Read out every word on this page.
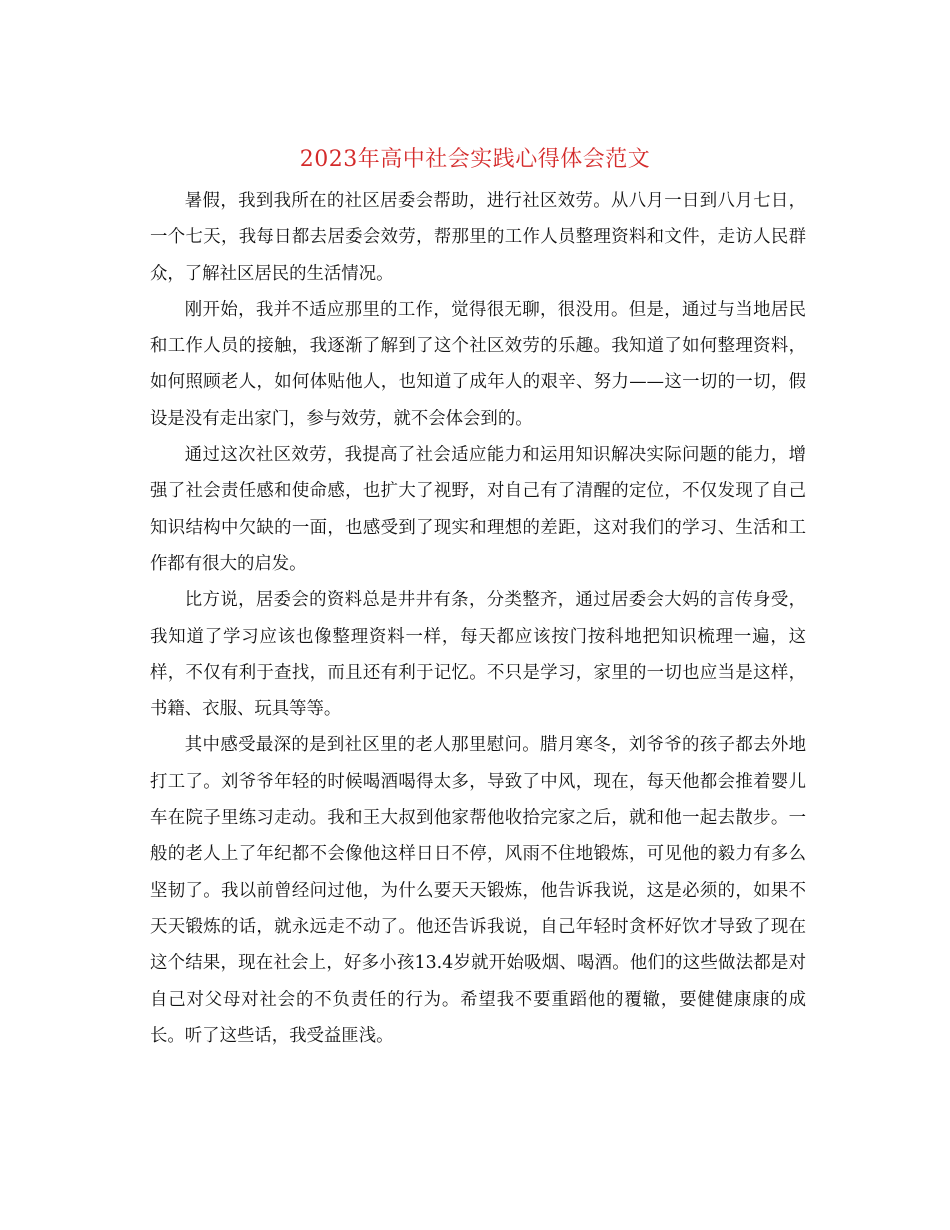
2023年高中社会实践心得体会范文

暑假，我到我所在的社区居委会帮助，进行社区效劳。从八月一日到八月七日，一个七天，我每日都去居委会效劳，帮那里的工作人员整理资料和文件，走访人民群众，了解社区居民的生活情况。

刚开始，我并不适应那里的工作，觉得很无聊，很没用。但是，通过与当地居民和工作人员的接触，我逐渐了解到了这个社区效劳的乐趣。我知道了如何整理资料，如何照顾老人，如何体贴他人，也知道了成年人的艰辛、努力——这一切的一切，假设是没有走出家门，参与效劳，就不会体会到的。

通过这次社区效劳，我提高了社会适应能力和运用知识解决实际问题的能力，增强了社会责任感和使命感，也扩大了视野，对自己有了清醒的定位，不仅发现了自己知识结构中欠缺的一面，也感受到了现实和理想的差距，这对我们的学习、生活和工作都有很大的启发。

比方说，居委会的资料总是井井有条，分类整齐，通过居委会大妈的言传身受，我知道了学习应该也像整理资料一样，每天都应该按门按科地把知识梳理一遍，这样，不仅有利于查找，而且还有利于记忆。不只是学习，家里的一切也应当是这样，书籍、衣服、玩具等等。

其中感受最深的是到社区里的老人那里慰问。腊月寒冬，刘爷爷的孩子都去外地打工了。刘爷爷年轻的时候喝酒喝得太多，导致了中风，现在，每天他都会推着婴儿车在院子里练习走动。我和王大叔到他家帮他收拾完家之后，就和他一起去散步。一般的老人上了年纪都不会像他这样日日不停，风雨不住地锻炼，可见他的毅力有多么坚韧了。我以前曾经问过他，为什么要天天锻炼，他告诉我说，这是必须的，如果不天天锻炼的话，就永远走不动了。他还告诉我说，自己年轻时贪杯好饮才导致了现在这个结果，现在社会上，好多小孩13.4岁就开始吸烟、喝酒。他们的这些做法都是对自己对父母对社会的不负责任的行为。希望我不要重蹈他的覆辙，要健健康康的成长。听了这些话，我受益匪浅。
